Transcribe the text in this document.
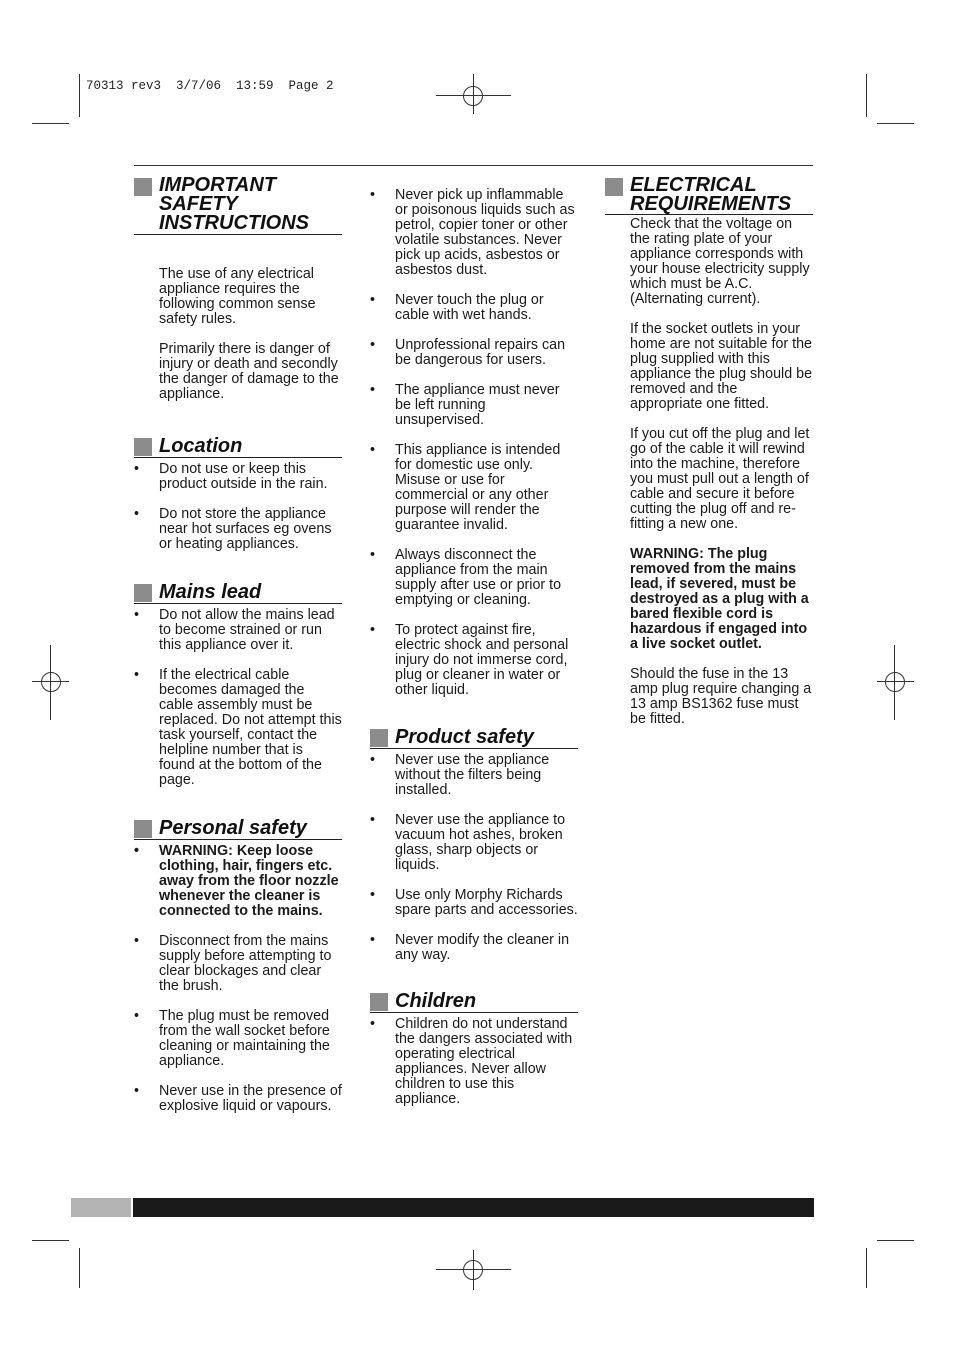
70313 rev3  3/7/06  13:59  Page 2
IMPORTANT
SAFETY
INSTRUCTIONS

The use of any electrical appliance requires the following common sense safety rules.

Primarily there is danger of injury or death and secondly the danger of damage to the appliance.

Location
• Do not use or keep this product outside in the rain.
• Do not store the appliance near hot surfaces eg ovens or heating appliances.
Mains lead
• Do not allow the mains lead to become strained or run this appliance over it.
• If the electrical cable becomes damaged the cable assembly must be replaced. Do not attempt this task yourself, contact the helpline number that is found at the bottom of the page.
Personal safety
• WARNING: Keep loose clothing, hair, fingers etc. away from the floor nozzle whenever the cleaner is connected to the mains.
• Disconnect from the mains supply before attempting to clear blockages and clear the brush.
• The plug must be removed from the wall socket before cleaning or maintaining the appliance.
• Never use in the presence of explosive liquid or vapours.
• Never pick up inflammable or poisonous liquids such as petrol, copier toner or other volatile substances. Never pick up acids, asbestos or asbestos dust.
• Never touch the plug or cable with wet hands.
• Unprofessional repairs can be dangerous for users.
• The appliance must never be left running unsupervised.
• This appliance is intended for domestic use only. Misuse or use for commercial or any other purpose will render the guarantee invalid.
• Always disconnect the appliance from the main supply after use or prior to emptying or cleaning.
• To protect against fire, electric shock and personal injury do not immerse cord, plug or cleaner in water or other liquid.
Product safety
• Never use the appliance without the filters being installed.
• Never use the appliance to vacuum hot ashes, broken glass, sharp objects or liquids.
• Use only Morphy Richards spare parts and accessories.
• Never modify the cleaner in any way.
Children
• Children do not understand the dangers associated with operating electrical appliances. Never allow children to use this appliance.
ELECTRICAL
REQUIREMENTS

Check that the voltage on the rating plate of your appliance corresponds with your house electricity supply which must be A.C. (Alternating current).

If the socket outlets in your home are not suitable for the plug supplied with this appliance the plug should be removed and the appropriate one fitted.

If you cut off the plug and let go of the cable it will rewind into the machine, therefore you must pull out a length of cable and secure it before cutting the plug off and re-fitting a new one.

WARNING: The plug removed from the mains lead, if severed, must be destroyed as a plug with a bared flexible cord is hazardous if engaged into a live socket outlet.

Should the fuse in the 13 amp plug require changing a 13 amp BS1362 fuse must be fitted.
